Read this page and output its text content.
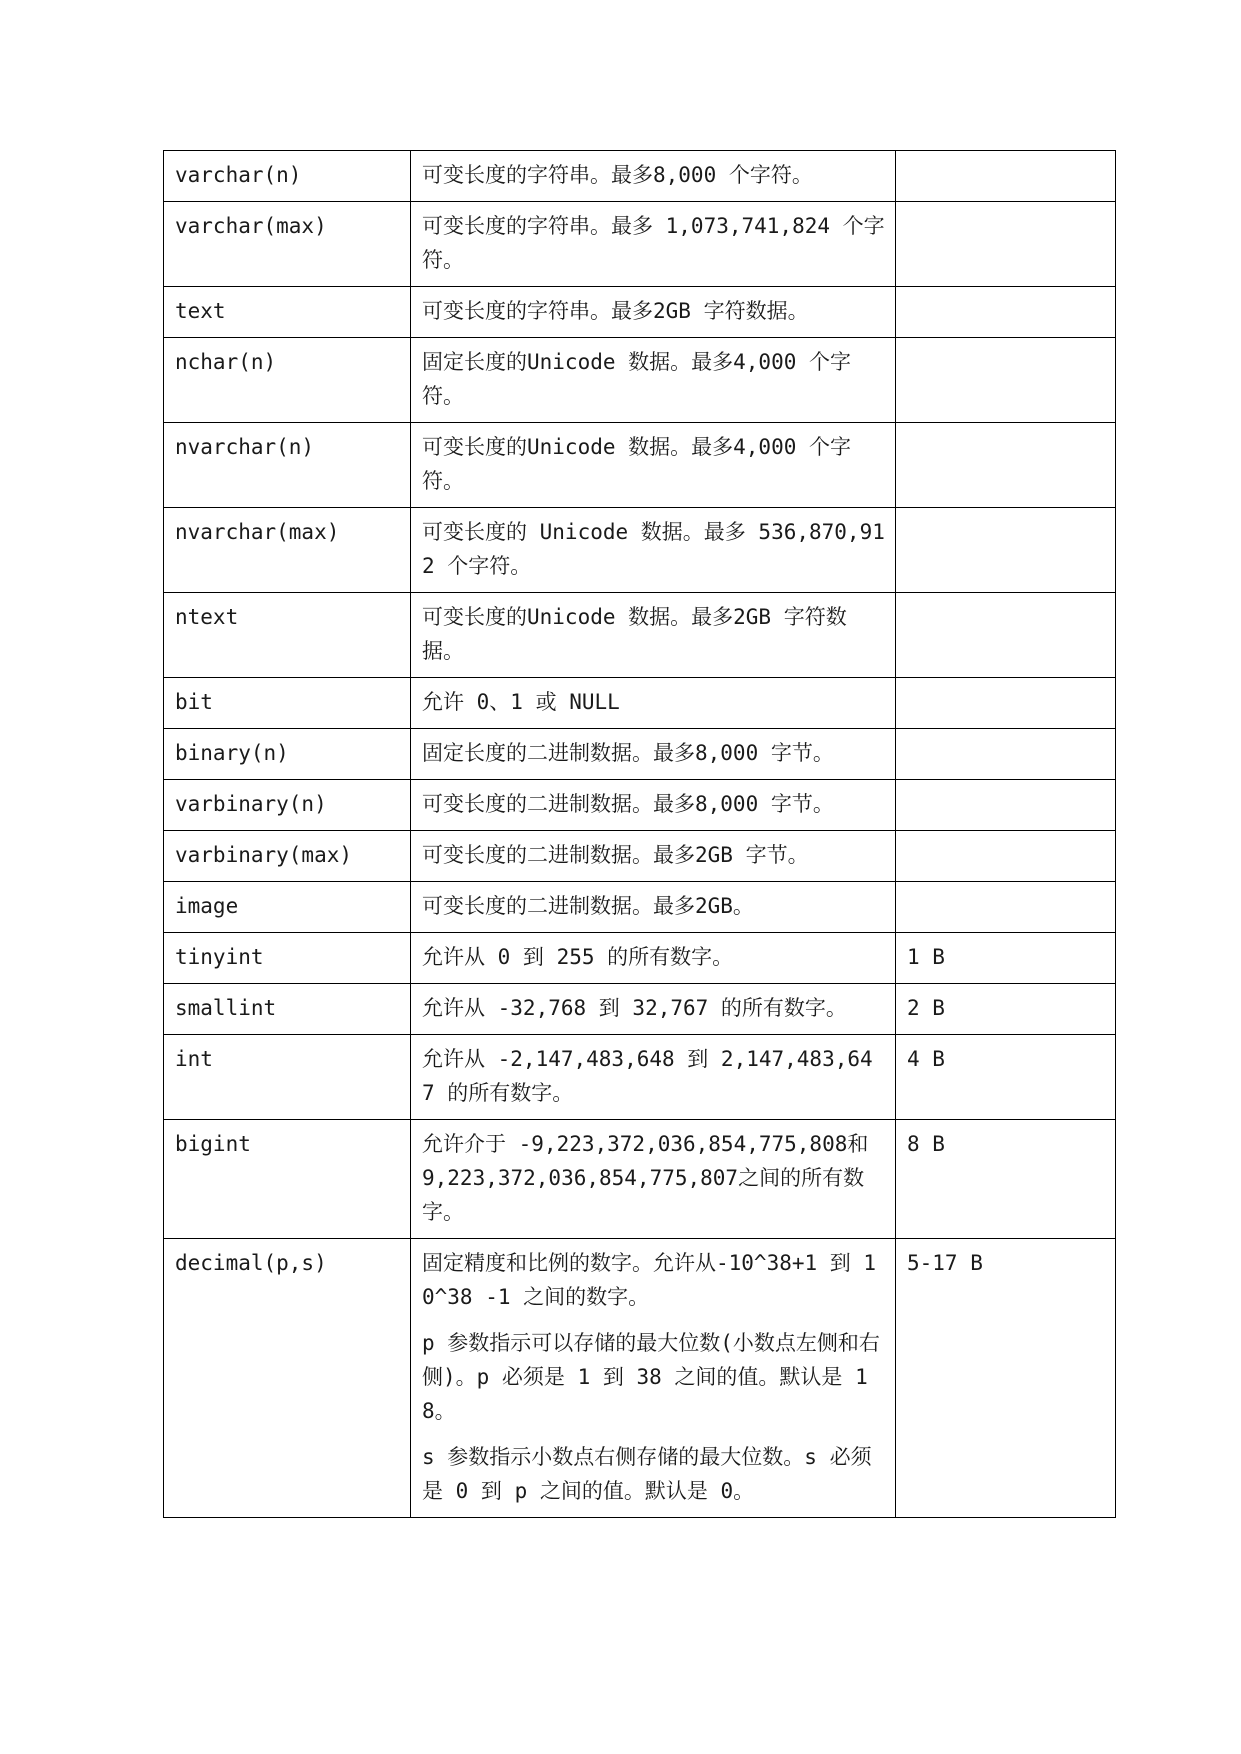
varchar(n)	可变长度的字符串。最多8,000 个字符。	

varchar(max)	可变长度的字符串。最多 1,073,741,824 个字符。	

text	可变长度的字符串。最多2GB 字符数据。	

nchar(n)	固定长度的Unicode 数据。最多4,000 个字符。	

nvarchar(n)	可变长度的Unicode 数据。最多4,000 个字符。	

nvarchar(max)	可变长度的 Unicode 数据。最多 536,870,912 个字符。	

ntext	可变长度的Unicode 数据。最多2GB 字符数据。	

bit	允许 0、1 或 NULL	

binary(n)	固定长度的二进制数据。最多8,000 字节。	

varbinary(n)	可变长度的二进制数据。最多8,000 字节。	

varbinary(max)	可变长度的二进制数据。最多2GB 字节。	

image	可变长度的二进制数据。最多2GB。	

tinyint	允许从 0 到 255 的所有数字。	1 B
smallint	允许从 -32,768 到 32,767 的所有数字。	2 B
int	允许从 -2,147,483,648 到 2,147,483,647 的所有数字。	4 B
bigint	允许介于 -9,223,372,036,854,775,808和 9,223,372,036,854,775,807之间的所有数字。	8 B
decimal(p,s)	固定精度和比例的数字。允许从-10^38+1 到 10^38 -1 之间的数字。
p 参数指示可以存储的最大位数(小数点左侧和右侧)。p 必须是 1 到 38 之间的值。默认是 18。
s 参数指示小数点右侧存储的最大位数。s 必须是 0 到 p 之间的值。默认是 0。	5-17 B
